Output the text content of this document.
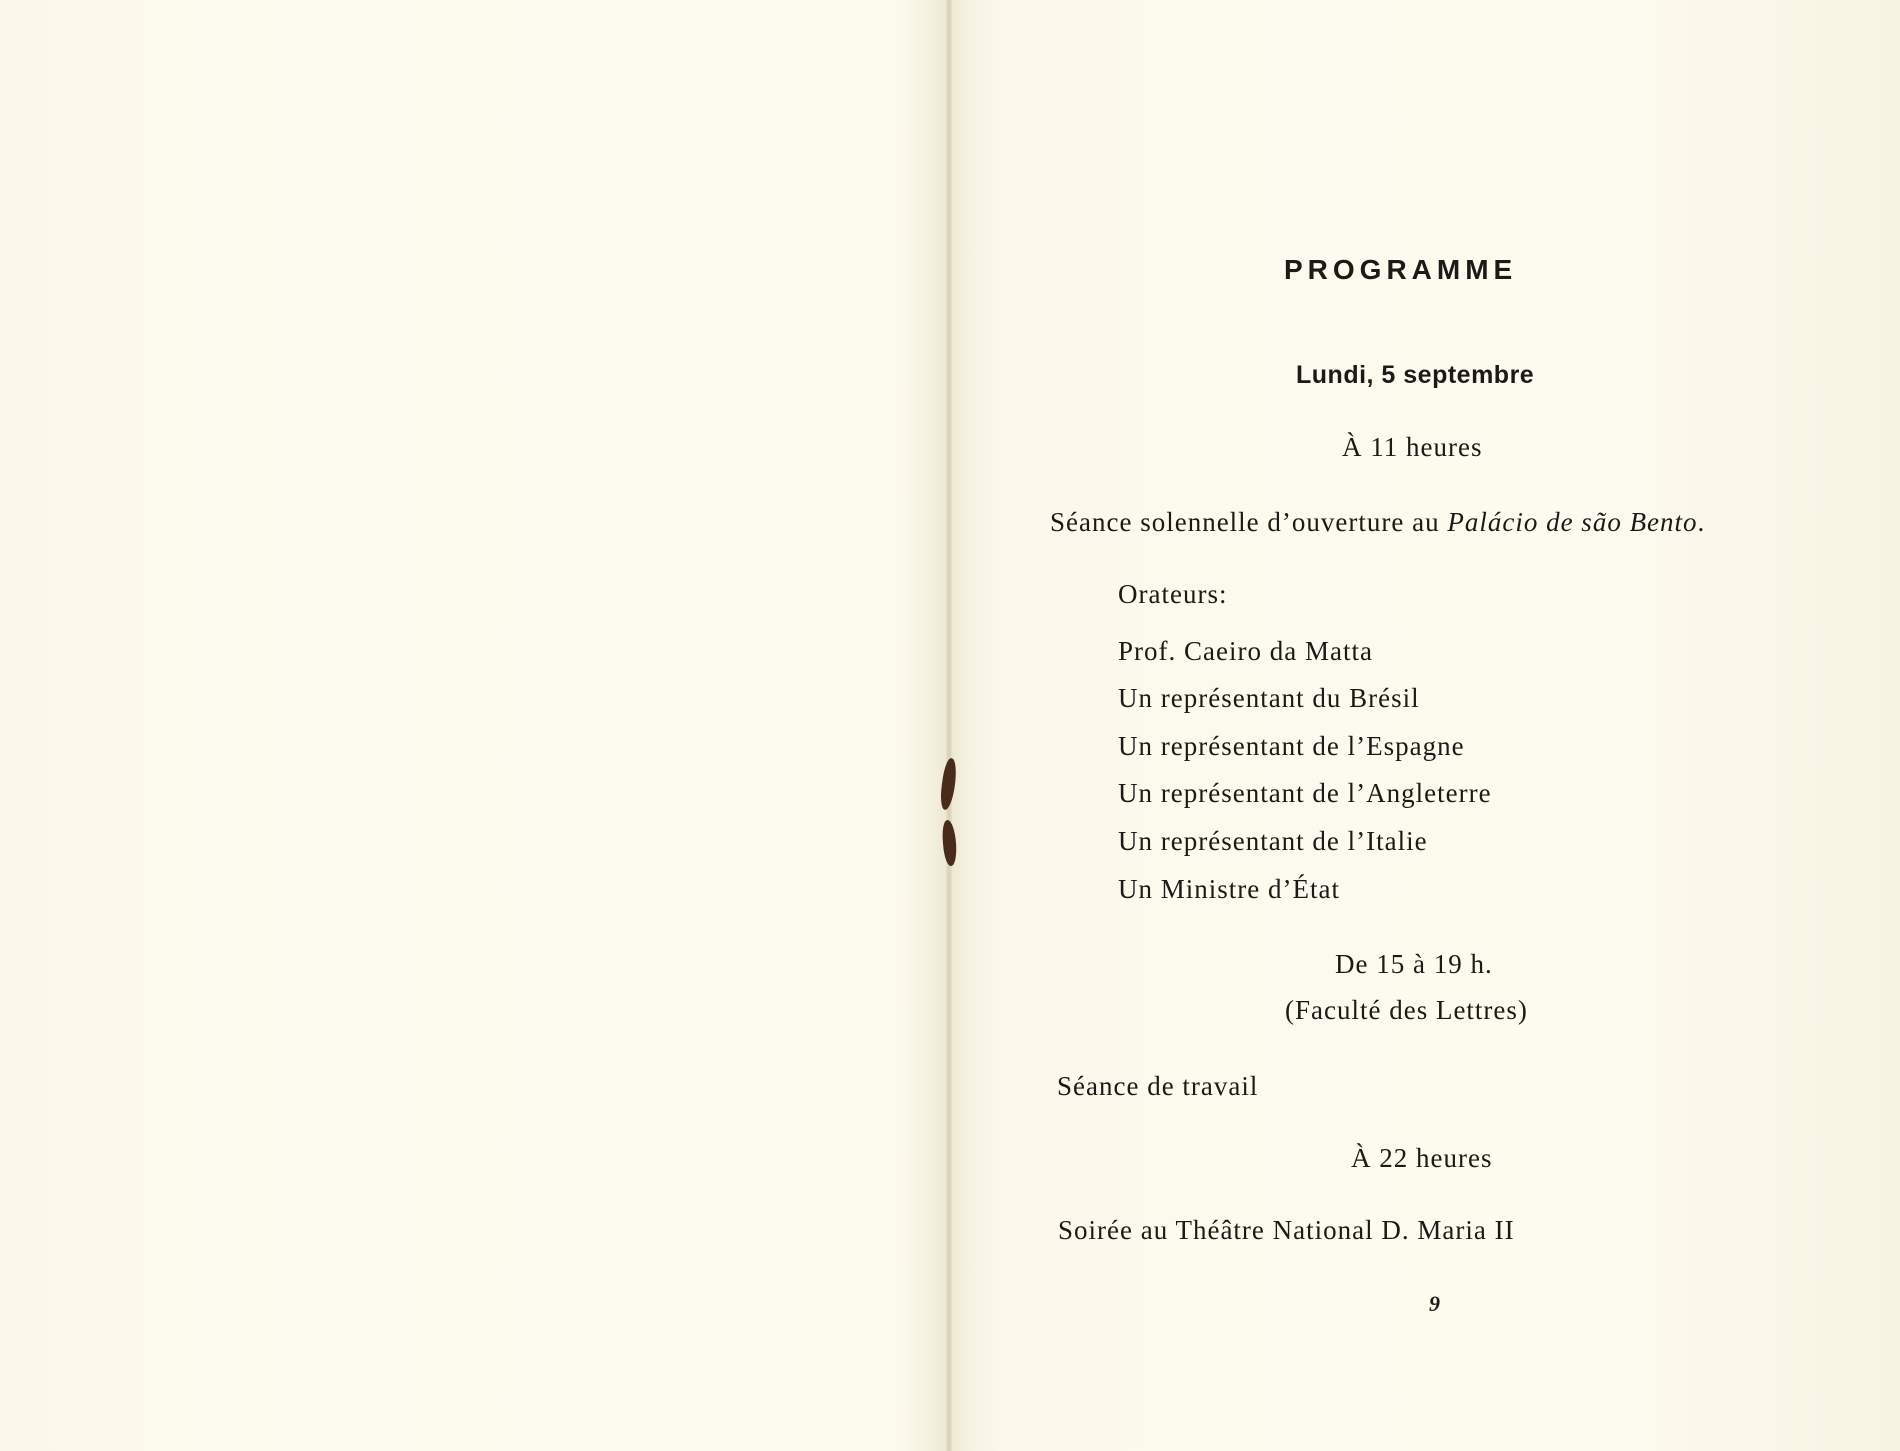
PROGRAMME
Lundi, 5 septembre
À 11 heures
Séance solennelle d’ouverture au Palácio de são Bento.
Orateurs:
Prof. Caeiro da Matta
Un représentant du Brésil
Un représentant de l’Espagne
Un représentant de l’Angleterre
Un représentant de l’Italie
Un Ministre d’État
De 15 à 19 h.
(Faculté des Lettres)
Séance de travail
À 22 heures
Soirée au Théâtre National D. Maria II
9
